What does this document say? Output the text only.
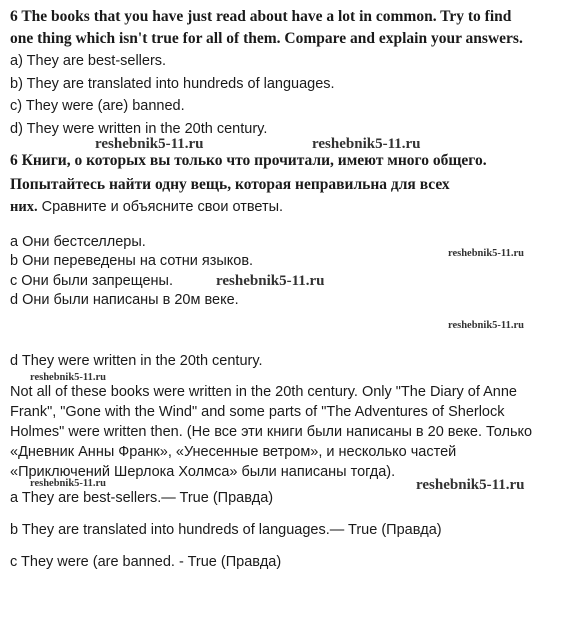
6 The books that you have just read about have a lot in common. Try to find
one thing which isn't true for all of them. Compare and explain your answers.
a) They are best-sellers.
b) They are translated into hundreds of languages.
c) They were (are) banned.
d) They were written in the 20th century.
reshebnik5-11.ru	reshebnik5-11.ru
6 Книги, о которых вы только что прочитали, имеют много общего.
Попытайтесь найти одну вещь, которая неправильна для всех
них. Сравните и объясните свои ответы.
a Они бестселлеры.
reshebnik5-11.ru
b Они переведены на сотни языков.
c Они были запрещены.	reshebnik5-11.ru
d Они были написаны в 20м веке.
reshebnik5-11.ru
d They were written in the 20th century.
reshebnik5-11.ru
Not all of these books were written in the 20th century. Only "The Diary of Anne
Frank", "Gone with the Wind" and some parts of "The Adventures of Sherlock
Holmes" were written then. (Не все эти книги были написаны в 20 веке. Только
«Дневник Анны Франк», «Унесенные ветром», и несколько частей
«Приключений Шерлока Холмса» были написаны тогда).
reshebnik5-11.ru	reshebnik5-11.ru
a They are best-sellers.— True (Правда)
b They are translated into hundreds of languages.— True (Правда)
c They were (are banned. - True (Правда)
